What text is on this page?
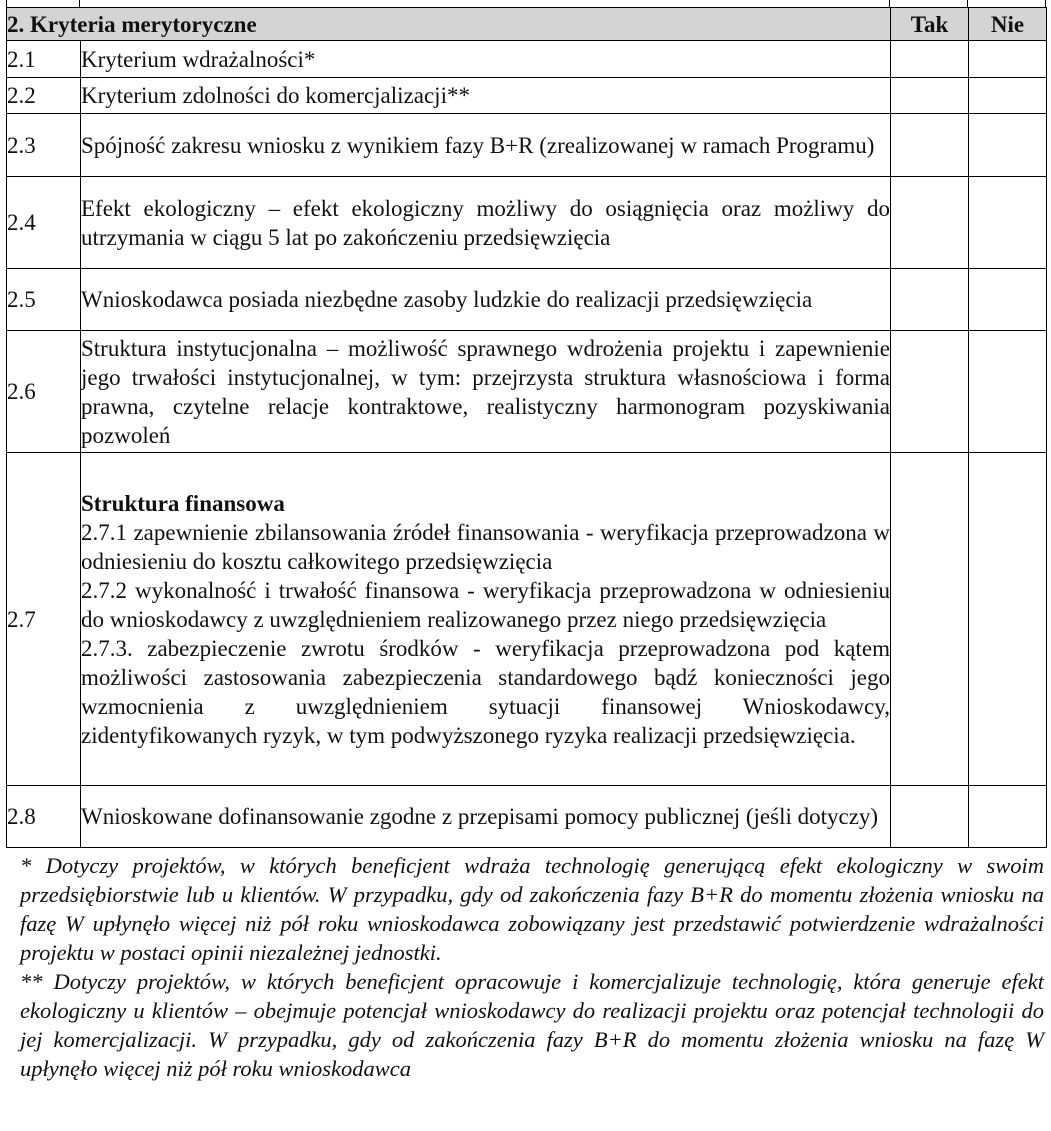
2. Kryteria merytoryczne		Tak	Nie
2.1	Kryterium wdrażalności*		
2.2	Kryterium zdolności do komercjalizacji**		
2.3	Spójność zakresu wniosku z wynikiem fazy B+R (zrealizowanej w ramach Programu)		
2.4	Efekt ekologiczny – efekt ekologiczny możliwy do osiągnięcia oraz możliwy do utrzymania w ciągu 5 lat po zakończeniu przedsięwzięcia		
2.5	Wnioskodawca posiada niezbędne zasoby ludzkie do realizacji przedsięwzięcia		
2.6	Struktura instytucjonalna – możliwość sprawnego wdrożenia projektu i zapewnienie jego trwałości instytucjonalnej, w tym: przejrzysta struktura własnościowa i forma prawna, czytelne relacje kontraktowe, realistyczny harmonogram pozyskiwania pozwoleń		
2.7	Struktura finansowa
2.7.1 zapewnienie zbilansowania źródeł finansowania - weryfikacja przeprowadzona w odniesieniu do kosztu całkowitego przedsięwzięcia
2.7.2 wykonalność i trwałość finansowa - weryfikacja przeprowadzona w odniesieniu do wnioskodawcy z uwzględnieniem realizowanego przez niego przedsięwzięcia
2.7.3. zabezpieczenie zwrotu środków - weryfikacja przeprowadzona pod kątem możliwości zastosowania zabezpieczenia standardowego bądź konieczności jego wzmocnienia z uwzględnieniem sytuacji finansowej Wnioskodawcy, zidentyfikowanych ryzyk, w tym podwyższonego ryzyka realizacji przedsięwzięcia.		

2.8	Wnioskowane dofinansowanie zgodne z przepisami pomocy publicznej (jeśli dotyczy)		

* Dotyczy projektów, w których beneficjent wdraża technologię generującą efekt ekologiczny w swoim przedsiębiorstwie lub u klientów. W przypadku, gdy od zakończenia fazy B+R do momentu złożenia wniosku na fazę W upłynęło więcej niż pół roku wnioskodawca zobowiązany jest przedstawić potwierdzenie wdrażalności projektu w postaci opinii niezależnej jednostki.

** Dotyczy projektów, w których beneficjent opracowuje i komercjalizuje technologię, która generuje efekt ekologiczny u klientów – obejmuje potencjał wnioskodawcy do realizacji projektu oraz potencjał technologii do jej komercjalizacji. W przypadku, gdy od zakończenia fazy B+R do momentu złożenia wniosku na fazę W upłynęło więcej niż pół roku wnioskodawca
